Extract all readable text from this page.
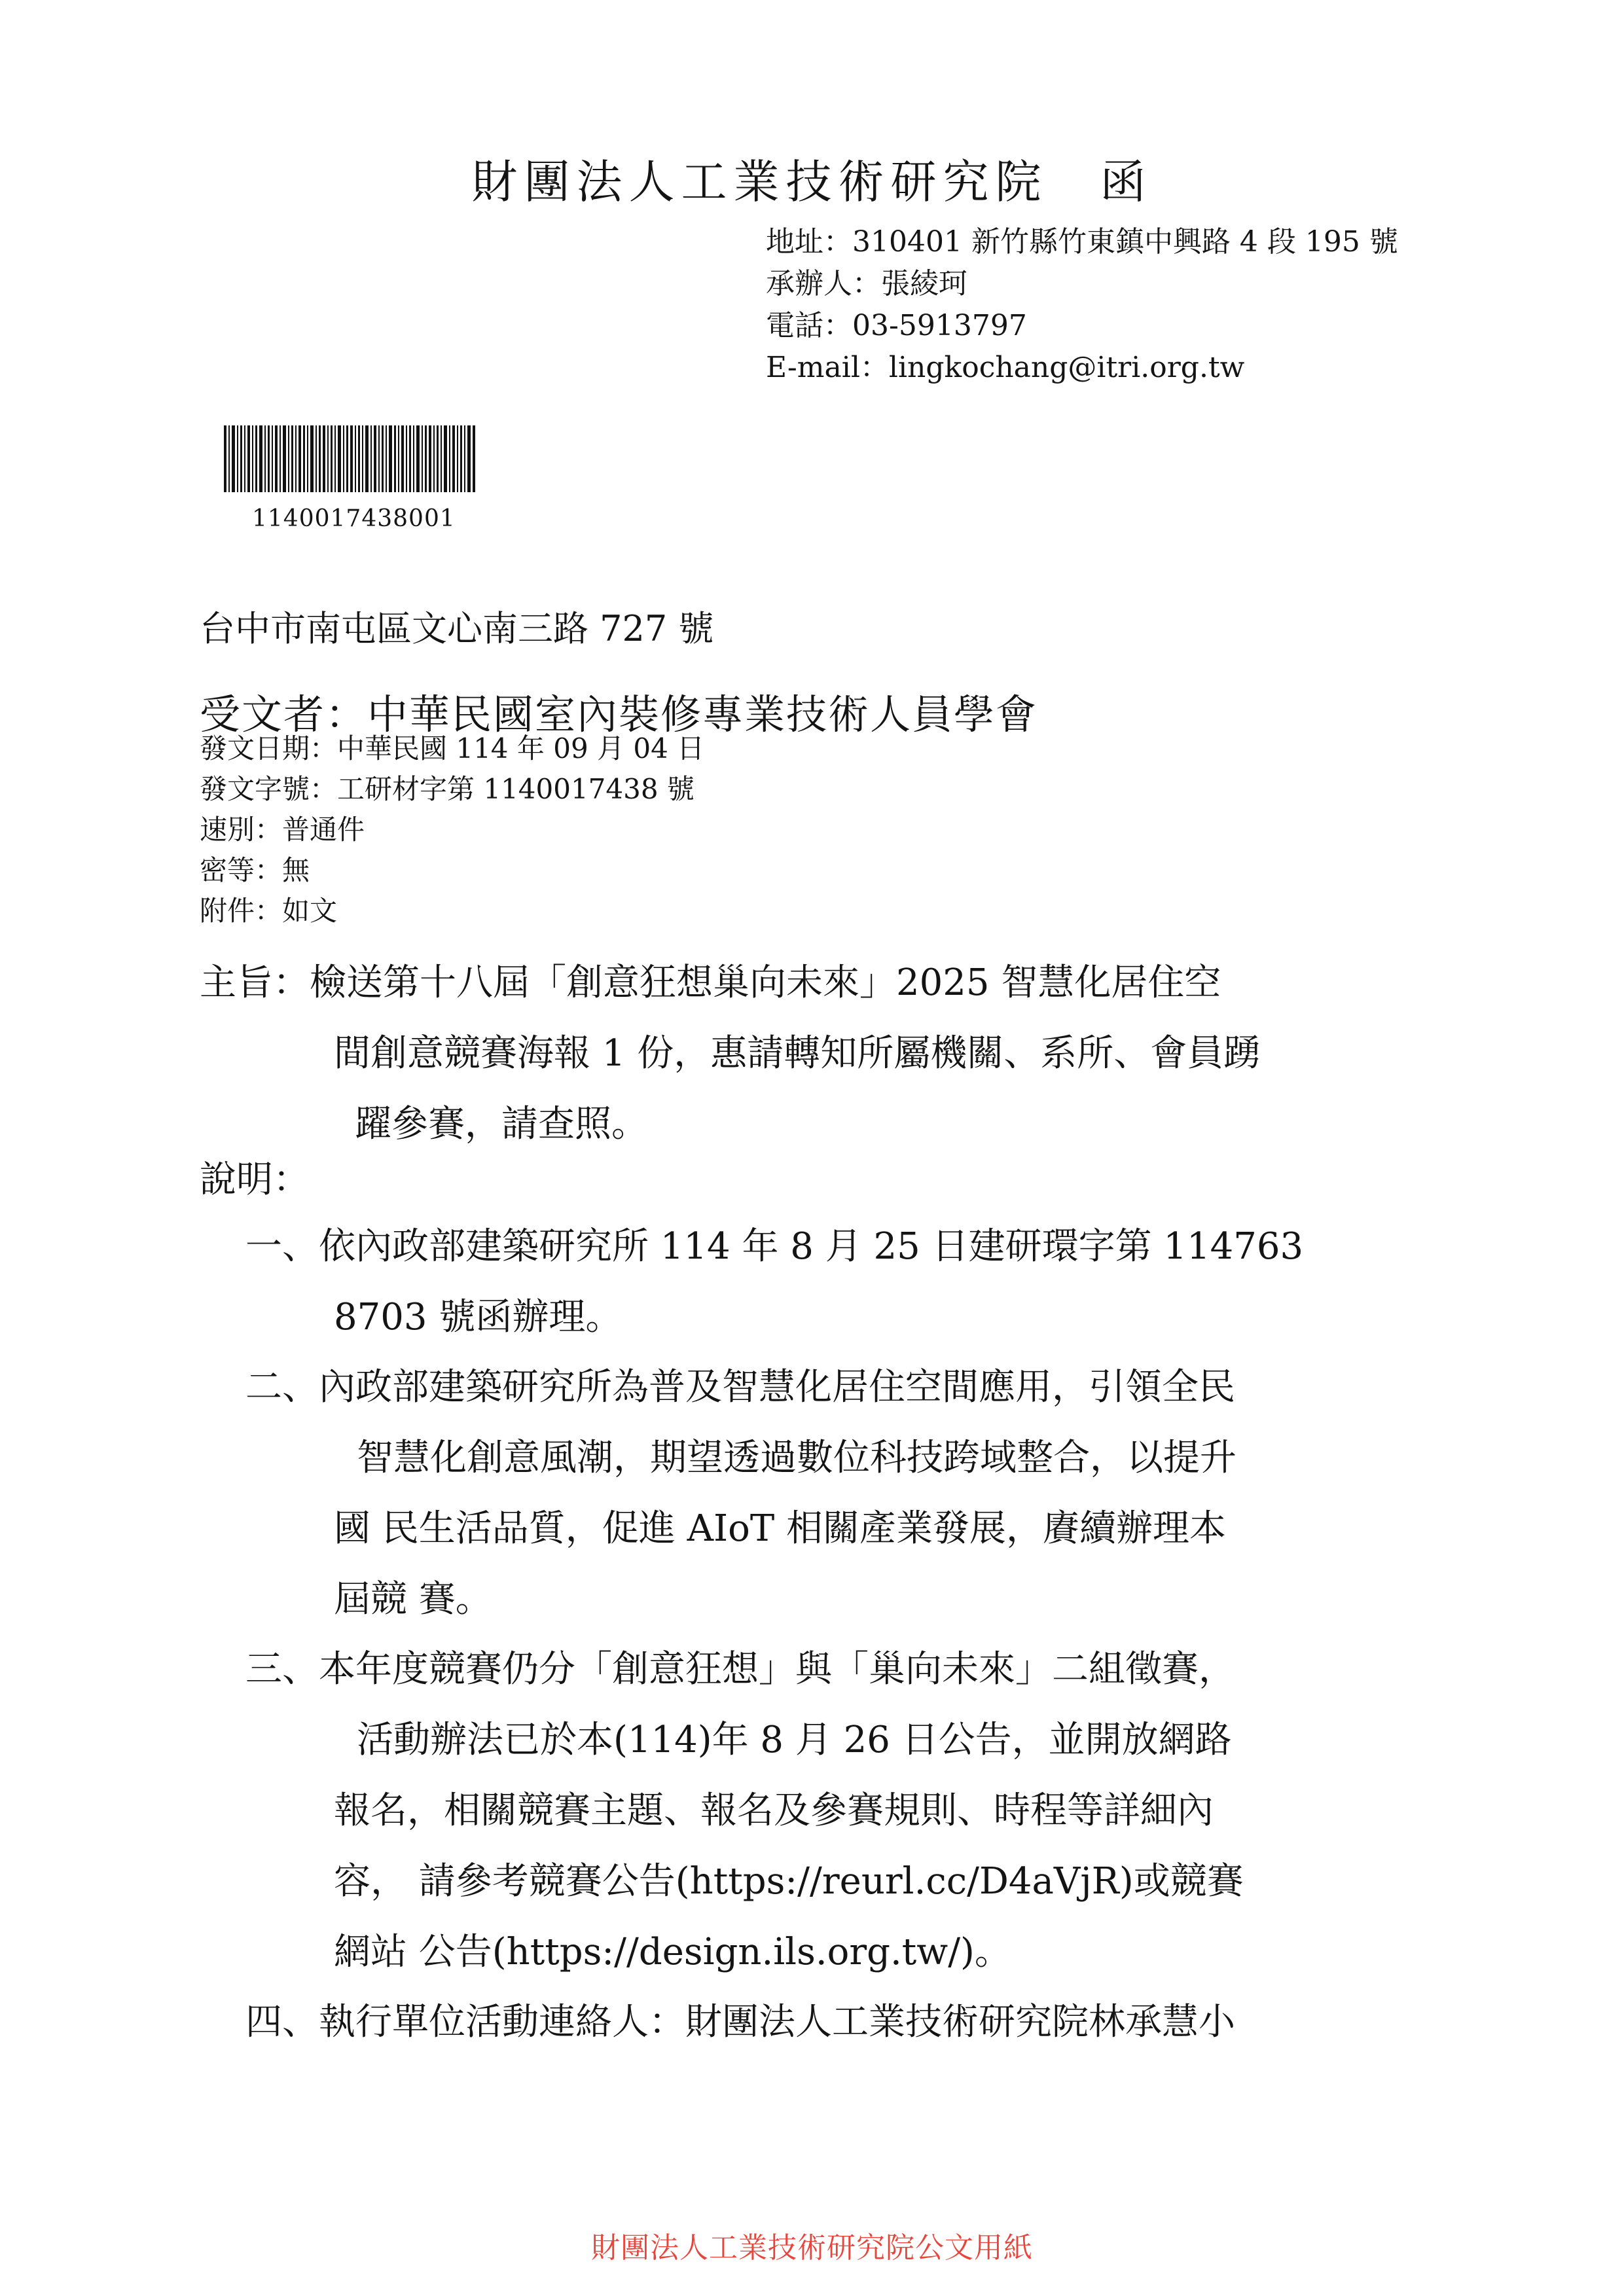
財團法人工業技術研究院　函
地址：310401 新竹縣竹東鎮中興路 4 段 195 號
承辦人：張綾珂
電話：03-5913797
E-mail：lingkochang@itri.org.tw
1140017438001
台中市南屯區文心南三路 727 號
受文者：中華民國室內裝修專業技術人員學會
發文日期：中華民國 114 年 09 月 04 日
發文字號：工研材字第 1140017438 號
速別：普通件
密等：無
附件：如文
主旨：檢送第十八屆「創意狂想巢向未來」2025 智慧化居住空
間創意競賽海報 1 份，惠請轉知所屬機關、系所、會員踴
躍參賽，請查照。
說明：
一、依內政部建築研究所 114 年 8 月 25 日建研環字第 114763
8703 號函辦理。
二、內政部建築研究所為普及智慧化居住空間應用，引領全民
智慧化創意風潮，期望透過數位科技跨域整合，以提升
國 民生活品質，促進 AIoT 相關產業發展，賡續辦理本
屆競 賽。
三、本年度競賽仍分「創意狂想」與「巢向未來」二組徵賽，
活動辦法已於本(114)年 8 月 26 日公告，並開放網路
報名，相關競賽主題、報名及參賽規則、時程等詳細內
容， 請參考競賽公告(https://reurl.cc/D4aVjR)或競賽
網站 公告(https://design.ils.org.tw/)。
四、執行單位活動連絡人：財團法人工業技術研究院林承慧小
財團法人工業技術研究院公文用紙
